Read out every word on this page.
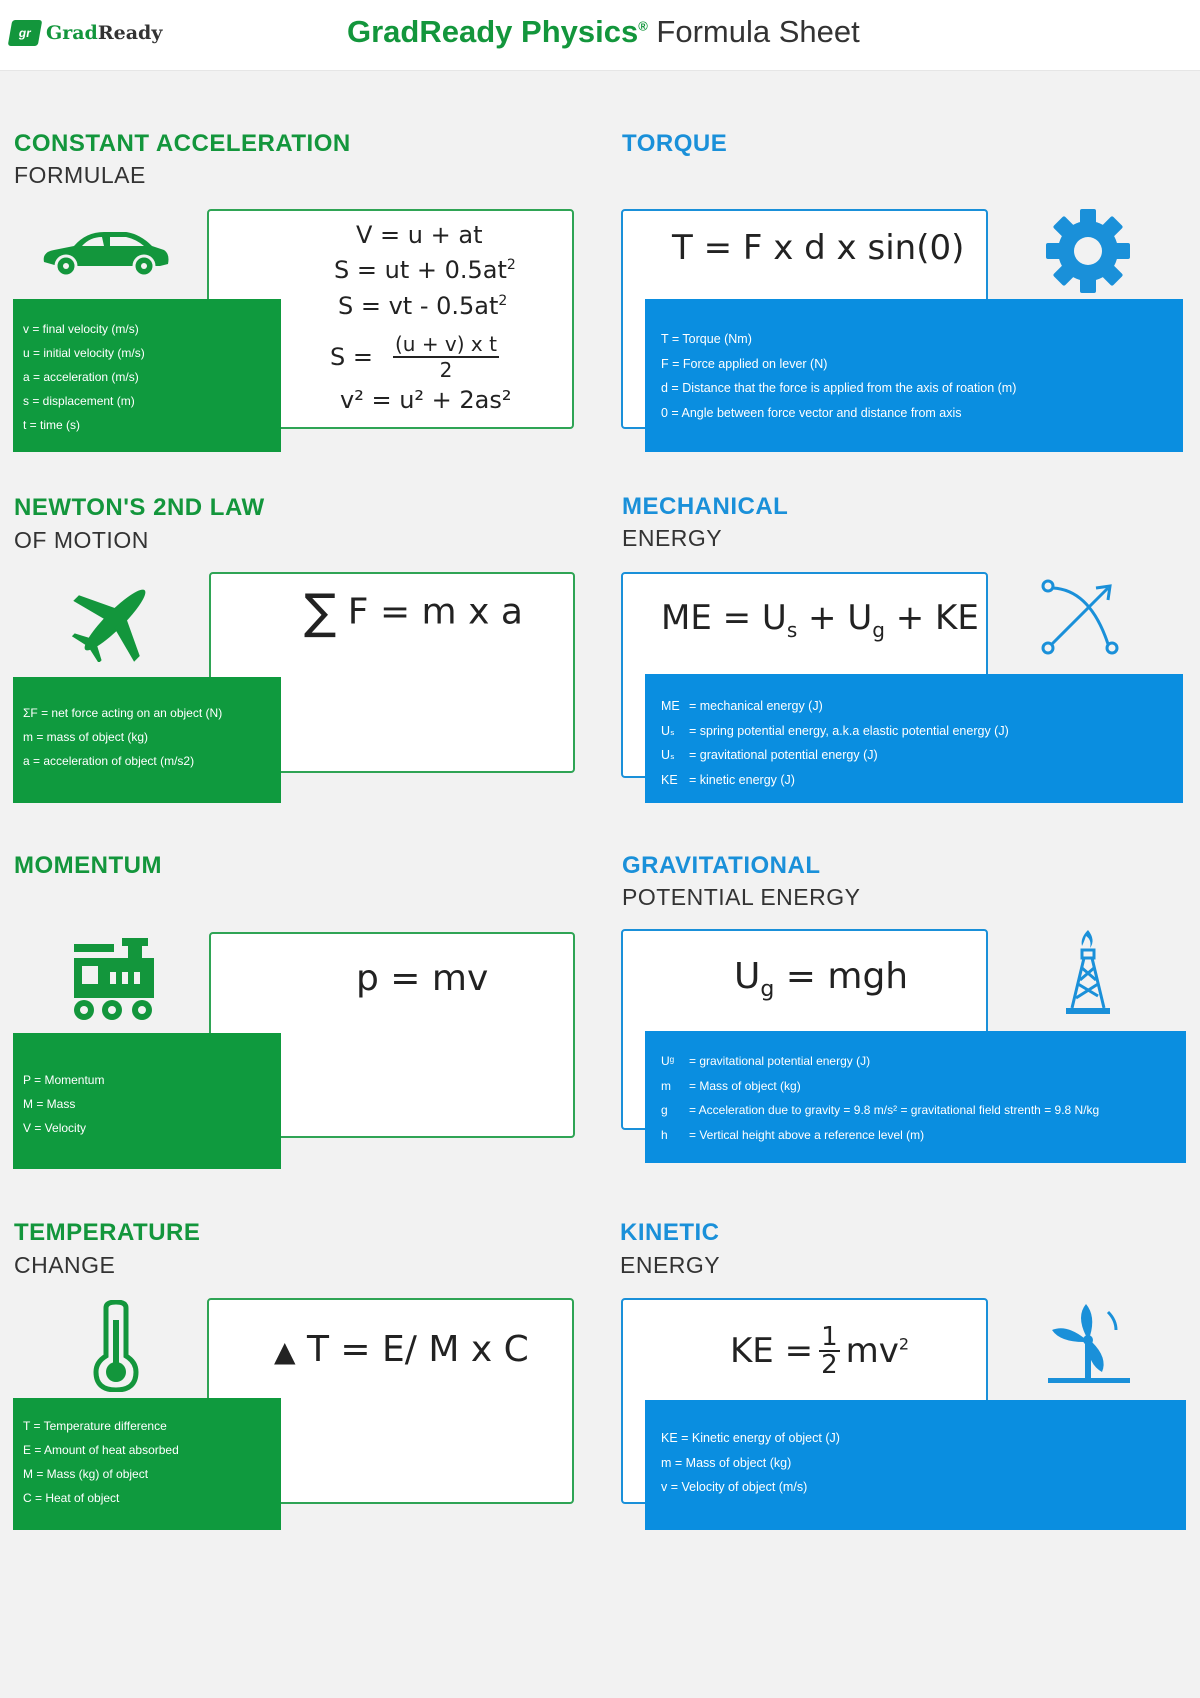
gr GradReady	GradReady Physics® Formula Sheet
CONSTANT ACCELERATION
FORMULAE
V = u + at
S = ut + $0.5at^2$
S = vt - $0.5at^2$
$S = \frac{\text{(u + v) x t}}{2}$
v² = u² + 2as²
v = final velocity (m/s)
u = initial velocity (m/s)
a = acceleration (m/s)
s = displacement (m)
t = time (s)
TORQUE
T = F x d x sin(0)
T = Torque (Nm)
F = Force applied on lever (N)
d = Distance that the force is applied from the axis of roation (m)
0 = Angle between force vector and distance from axis
NEWTON'S 2ND LAW
OF MOTION
∑ F = m x a
ΣF = net force acting on an object (N)
m = mass of object (kg)
a = acceleration of object (m/s2)
MECHANICAL
ENERGY
ME = $U_s + U_g$ + KE
ME = mechanical energy (J)
Uₛ = spring potential energy, a.k.a elastic potential energy (J)
Uₛ = gravitational potential energy (J)
KE = kinetic energy (J)
MOMENTUM
p = mv
P = Momentum
M = Mass
V = Velocity
GRAVITATIONAL
POTENTIAL ENERGY
$U_g$ = mgh
Uᵍ = gravitational potential energy (J)
m = Mass of object (kg)
g = Acceleration due to gravity = 9.8 m/s² = gravitational field strenth = 9.8 N/kg
h = Vertical height above a reference level (m)
TEMPERATURE
CHANGE
▲ T = E/ M x C
T = Temperature difference
E = Amount of heat absorbed
M = Mass (kg) of object
C = Heat of object
KINETIC
ENERGY
KE = $\frac{1}{2} mv^2$
KE = Kinetic energy of object (J)
m = Mass of object (kg)
v = Velocity of object (m/s)
